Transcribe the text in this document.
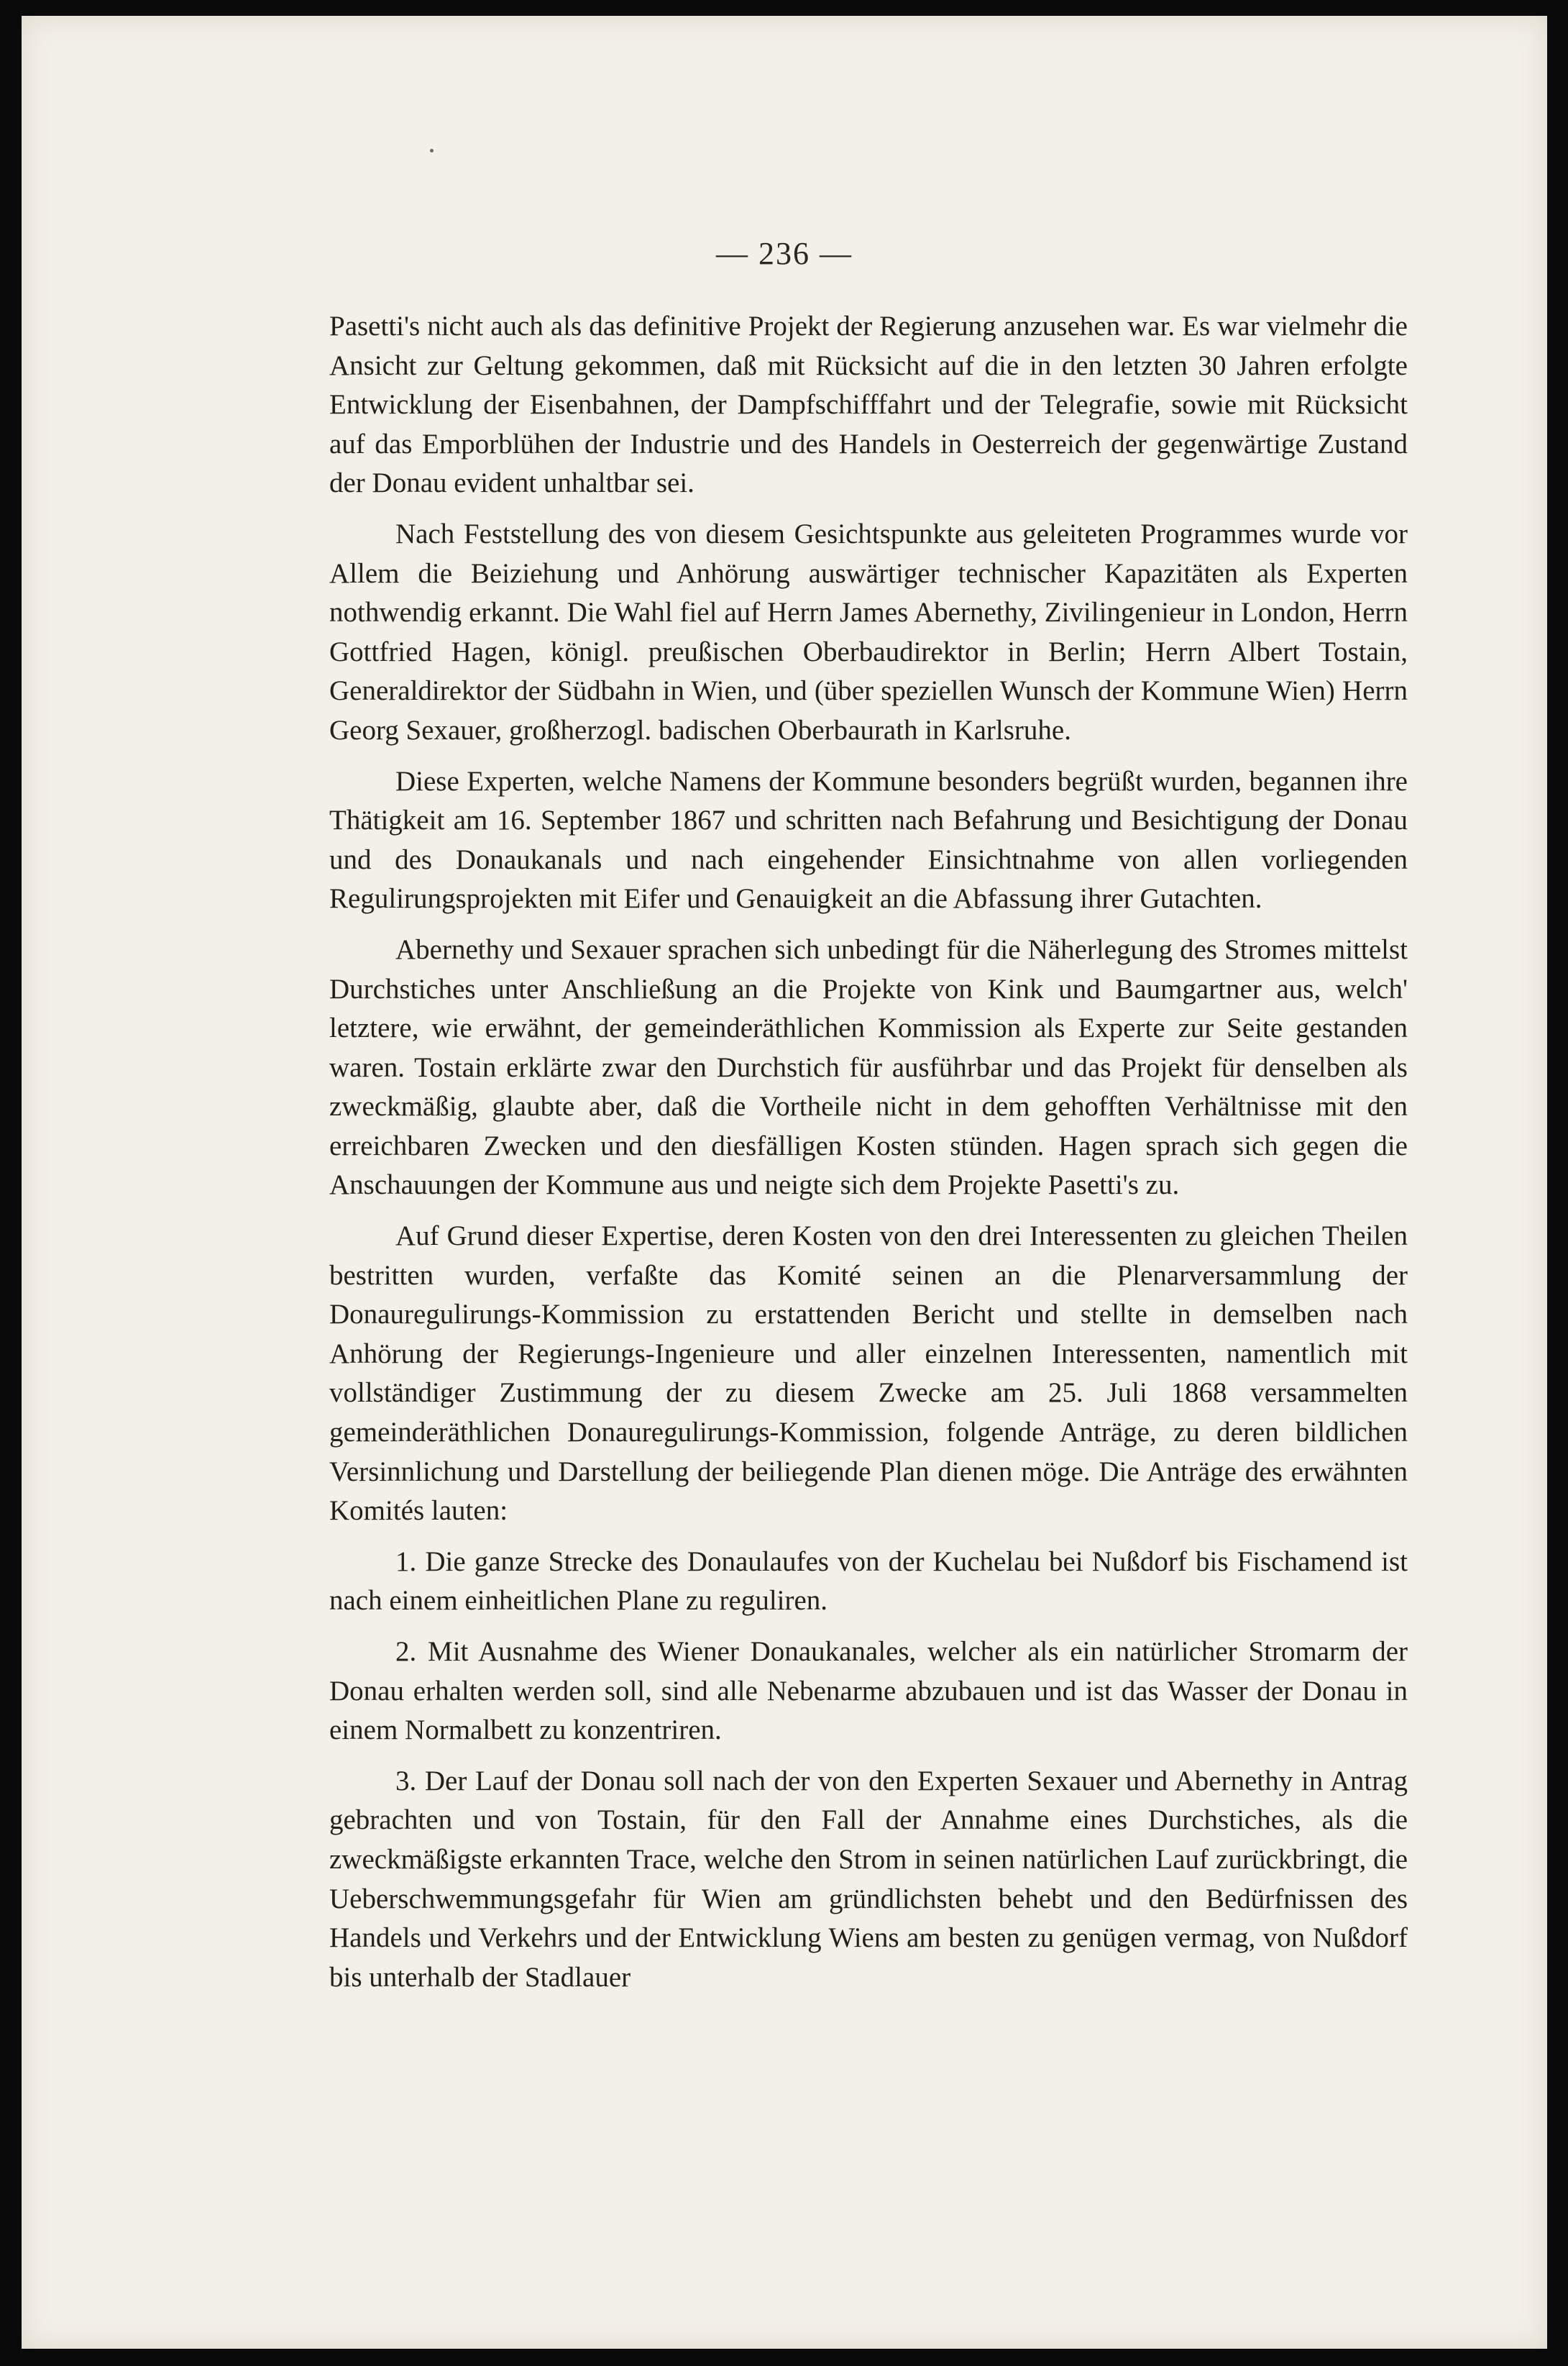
— 236 —

Pasetti's nicht auch als das definitive Projekt der Regierung anzusehen war. Es war vielmehr die Ansicht zur Geltung gekommen, daß mit Rücksicht auf die in den letzten 30 Jahren erfolgte Entwicklung der Eisenbahnen, der Dampfschifffahrt und der Telegrafie, sowie mit Rücksicht auf das Emporblühen der Industrie und des Handels in Oesterreich der gegenwärtige Zustand der Donau evident unhaltbar sei.

Nach Feststellung des von diesem Gesichtspunkte aus geleiteten Programmes wurde vor Allem die Beiziehung und Anhörung auswärtiger technischer Kapazitäten als Experten nothwendig erkannt. Die Wahl fiel auf Herrn James Abernethy, Zivilingenieur in London, Herrn Gottfried Hagen, königl. preußischen Oberbaudirektor in Berlin; Herrn Albert Tostain, Generaldirektor der Südbahn in Wien, und (über speziellen Wunsch der Kommune Wien) Herrn Georg Sexauer, großherzogl. badischen Oberbaurath in Karlsruhe.

Diese Experten, welche Namens der Kommune besonders begrüßt wurden, begannen ihre Thätigkeit am 16. September 1867 und schritten nach Befahrung und Besichtigung der Donau und des Donaukanals und nach eingehender Einsichtnahme von allen vorliegenden Regulirungsprojekten mit Eifer und Genauigkeit an die Abfassung ihrer Gutachten.

Abernethy und Sexauer sprachen sich unbedingt für die Näherlegung des Stromes mittelst Durchstiches unter Anschließung an die Projekte von Kink und Baumgartner aus, welch' letztere, wie erwähnt, der gemeinderäthlichen Kommission als Experte zur Seite gestanden waren. Tostain erklärte zwar den Durchstich für ausführbar und das Projekt für denselben als zweckmäßig, glaubte aber, daß die Vortheile nicht in dem gehofften Verhältnisse mit den erreichbaren Zwecken und den diesfälligen Kosten stünden. Hagen sprach sich gegen die Anschauungen der Kommune aus und neigte sich dem Projekte Pasetti's zu.

Auf Grund dieser Expertise, deren Kosten von den drei Interessenten zu gleichen Theilen bestritten wurden, verfaßte das Komité seinen an die Plenarversammlung der Donauregulirungs-Kommission zu erstattenden Bericht und stellte in demselben nach Anhörung der Regierungs-Ingenieure und aller einzelnen Interessenten, namentlich mit vollständiger Zustimmung der zu diesem Zwecke am 25. Juli 1868 versammelten gemeinderäthlichen Donauregulirungs-Kommission, folgende Anträge, zu deren bildlichen Versinnlichung und Darstellung der beiliegende Plan dienen möge. Die Anträge des erwähnten Komités lauten:

1. Die ganze Strecke des Donaulaufes von der Kuchelau bei Nußdorf bis Fischamend ist nach einem einheitlichen Plane zu reguliren.

2. Mit Ausnahme des Wiener Donaukanales, welcher als ein natürlicher Stromarm der Donau erhalten werden soll, sind alle Nebenarme abzubauen und ist das Wasser der Donau in einem Normalbett zu konzentriren.

3. Der Lauf der Donau soll nach der von den Experten Sexauer und Abernethy in Antrag gebrachten und von Tostain, für den Fall der Annahme eines Durchstiches, als die zweckmäßigste erkannten Trace, welche den Strom in seinen natürlichen Lauf zurückbringt, die Ueberschwemmungsgefahr für Wien am gründlichsten behebt und den Bedürfnissen des Handels und Verkehrs und der Entwicklung Wiens am besten zu genügen vermag, von Nußdorf bis unterhalb der Stadlauer
